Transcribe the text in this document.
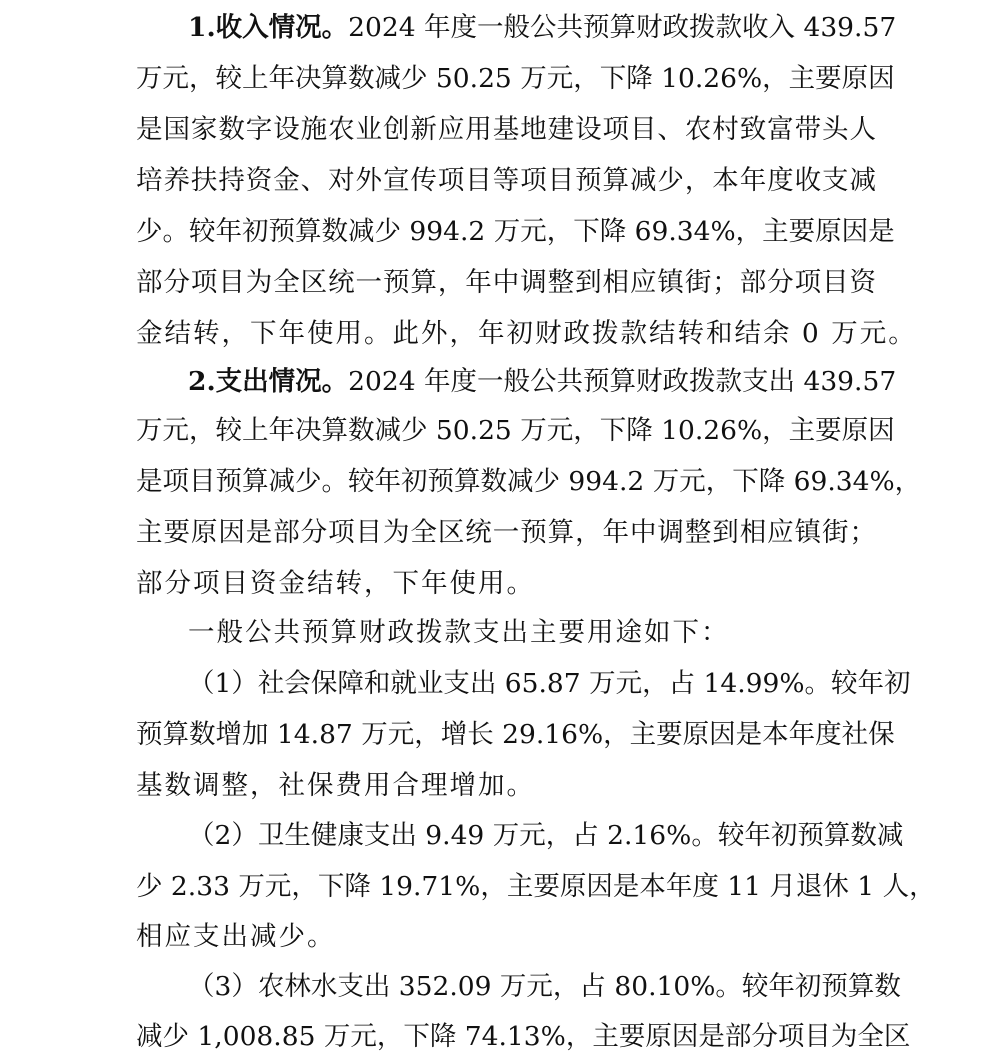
1.收入情况。2024 年度一般公共预算财政拨款收入 439.57

万元，较上年决算数减少 50.25 万元，下降 10.26%，主要原因

是国家数字设施农业创新应用基地建设项目、农村致富带头人

培养扶持资金、对外宣传项目等项目预算减少，本年度收支减

少。较年初预算数减少 994.2 万元，下降 69.34%，主要原因是

部分项目为全区统一预算，年中调整到相应镇街；部分项目资

金结转，下年使用。此外，年初财政拨款结转和结余 0 万元。

2.支出情况。2024 年度一般公共预算财政拨款支出 439.57

万元，较上年决算数减少 50.25 万元，下降 10.26%，主要原因

是项目预算减少。较年初预算数减少 994.2 万元，下降 69.34%，

主要原因是部分项目为全区统一预算，年中调整到相应镇街；

部分项目资金结转，下年使用。

一般公共预算财政拨款支出主要用途如下：

（1）社会保障和就业支出 65.87 万元，占 14.99%。较年初

预算数增加 14.87 万元，增长 29.16%，主要原因是本年度社保

基数调整，社保费用合理增加。

（2）卫生健康支出 9.49 万元，占 2.16%。较年初预算数减

少 2.33 万元，下降 19.71%，主要原因是本年度 11 月退休 1 人，

相应支出减少。

（3）农林水支出 352.09 万元，占 80.10%。较年初预算数

减少 1,008.85 万元，下降 74.13%，主要原因是部分项目为全区
